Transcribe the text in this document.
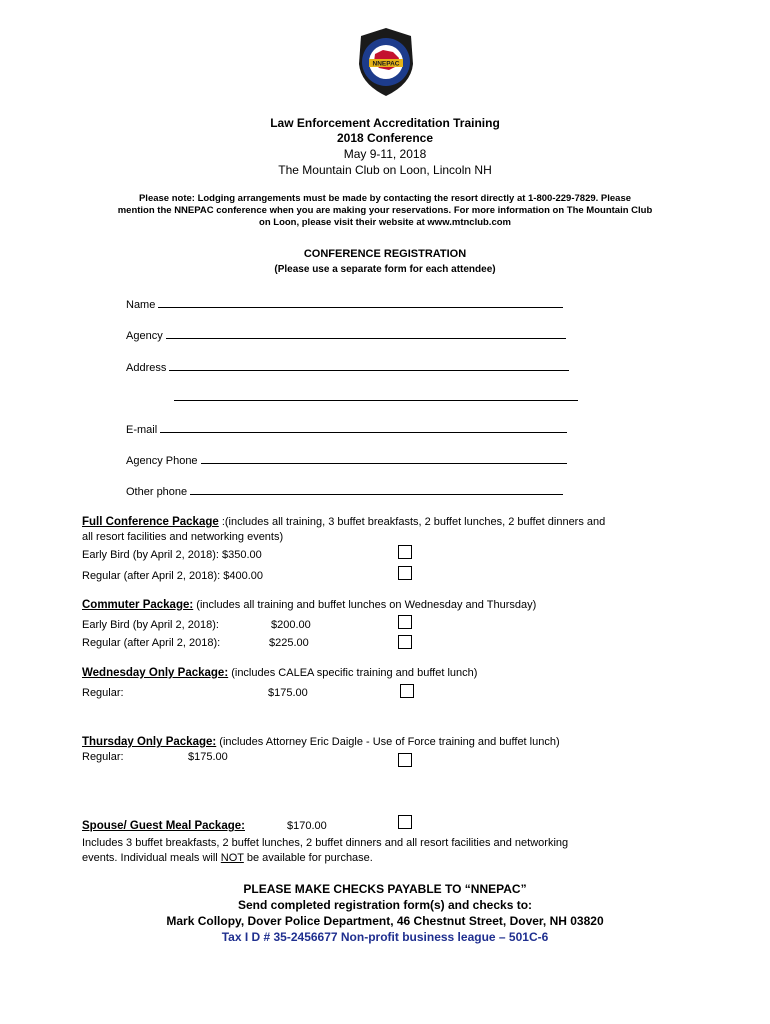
NNEPAC
Law Enforcement Accreditation Training
2018 Conference
May 9-11, 2018
The Mountain Club on Loon, Lincoln NH
Please note: Lodging arrangements must be made by contacting the resort directly at 1-800-229-7829. Please
mention the NNEPAC conference when you are making your reservations. For more information on The Mountain Club
on Loon, please visit their website at www.mtnclub.com
CONFERENCE REGISTRATION
(Please use a separate form for each attendee)
Name
Agency
Address
E-mail
Agency Phone
Other phone
Full Conference Package :(includes all training, 3 buffet breakfasts, 2 buffet lunches, 2 buffet dinners and
all resort facilities and networking events)
Early Bird (by April 2, 2018): $350.00
Regular (after April 2, 2018): $400.00
Commuter Package: (includes all training and buffet lunches on Wednesday and Thursday)
Early Bird (by April 2, 2018):	$200.00
Regular (after April 2, 2018):	$225.00
Wednesday Only Package: (includes CALEA specific training and buffet lunch)
Regular:	$175.00
Thursday Only Package: (includes Attorney Eric Daigle - Use of Force training and buffet lunch)
Regular:	$175.00
Spouse/ Guest Meal Package:	$170.00
Includes 3 buffet breakfasts, 2 buffet lunches, 2 buffet dinners and all resort facilities and networking
events. Individual meals will NOT be available for purchase.
PLEASE MAKE CHECKS PAYABLE TO “NNEPAC”
Send completed registration form(s) and checks to:
Mark Collopy, Dover Police Department, 46 Chestnut Street, Dover, NH 03820
Tax I D # 35-2456677 Non-profit business league – 501C-6
